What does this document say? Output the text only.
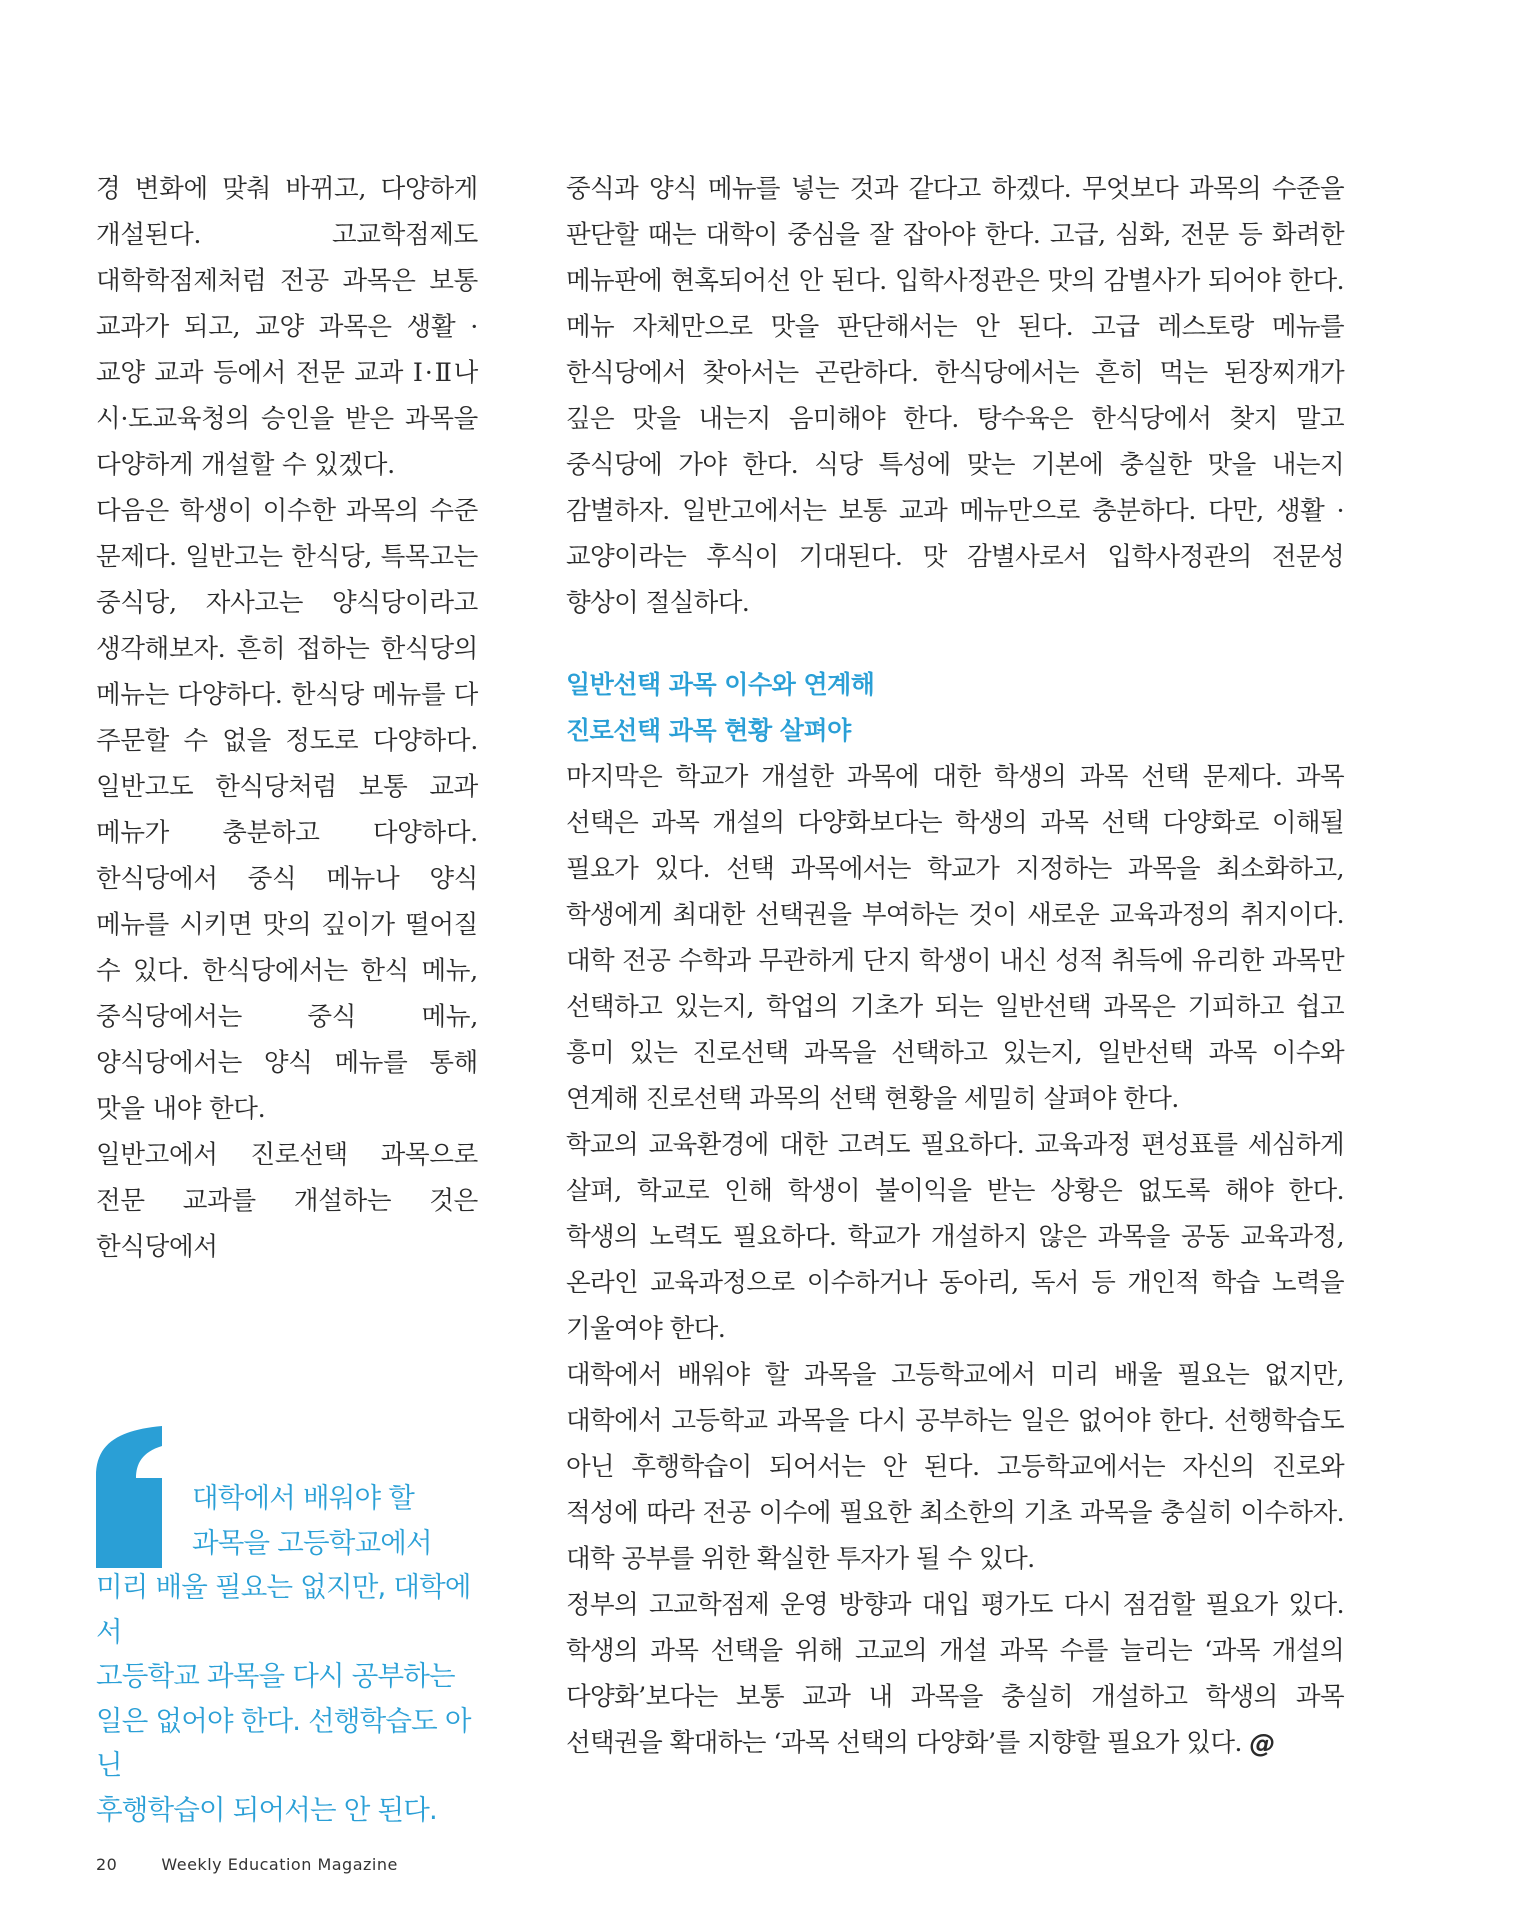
경 변화에 맞춰 바뀌고, 다양하게 개설된다. 고교학점제도 대학학점제처럼 전공 과목은 보통 교과가 되고, 교양 과목은 생활 · 교양 교과 등에서 전문 교과 Ⅰ·Ⅱ나 시·도교육청의 승인을 받은 과목을 다양하게 개설할 수 있겠다.

다음은 학생이 이수한 과목의 수준 문제다. 일반고는 한식당, 특목고는 중식당, 자사고는 양식당이라고 생각해보자. 흔히 접하는 한식당의 메뉴는 다양하다. 한식당 메뉴를 다 주문할 수 없을 정도로 다양하다. 일반고도 한식당처럼 보통 교과 메뉴가 충분하고 다양하다. 한식당에서 중식 메뉴나 양식 메뉴를 시키면 맛의 깊이가 떨어질 수 있다. 한식당에서는 한식 메뉴, 중식당에서는 중식 메뉴, 양식당에서는 양식 메뉴를 통해 맛을 내야 한다.

일반고에서 진로선택 과목으로 전문 교과를 개설하는 것은 한식당에서

중식과 양식 메뉴를 넣는 것과 같다고 하겠다. 무엇보다 과목의 수준을 판단할 때는 대학이 중심을 잘 잡아야 한다. 고급, 심화, 전문 등 화려한 메뉴판에 현혹되어선 안 된다. 입학사정관은 맛의 감별사가 되어야 한다. 메뉴 자체만으로 맛을 판단해서는 안 된다. 고급 레스토랑 메뉴를 한식당에서 찾아서는 곤란하다. 한식당에서는 흔히 먹는 된장찌개가 깊은 맛을 내는지 음미해야 한다. 탕수육은 한식당에서 찾지 말고 중식당에 가야 한다. 식당 특성에 맞는 기본에 충실한 맛을 내는지 감별하자. 일반고에서는 보통 교과 메뉴만으로 충분하다. 다만, 생활 · 교양이라는 후식이 기대된다. 맛 감별사로서 입학사정관의 전문성 향상이 절실하다.

일반선택 과목 이수와 연계해
진로선택 과목 현황 살펴야

마지막은 학교가 개설한 과목에 대한 학생의 과목 선택 문제다. 과목 선택은 과목 개설의 다양화보다는 학생의 과목 선택 다양화로 이해될 필요가 있다. 선택 과목에서는 학교가 지정하는 과목을 최소화하고, 학생에게 최대한 선택권을 부여하는 것이 새로운 교육과정의 취지이다. 대학 전공 수학과 무관하게 단지 학생이 내신 성적 취득에 유리한 과목만 선택하고 있는지, 학업의 기초가 되는 일반선택 과목은 기피하고 쉽고 흥미 있는 진로선택 과목을 선택하고 있는지, 일반선택 과목 이수와 연계해 진로선택 과목의 선택 현황을 세밀히 살펴야 한다.

학교의 교육환경에 대한 고려도 필요하다. 교육과정 편성표를 세심하게 살펴, 학교로 인해 학생이 불이익을 받는 상황은 없도록 해야 한다. 학생의 노력도 필요하다. 학교가 개설하지 않은 과목을 공동 교육과정, 온라인 교육과정으로 이수하거나 동아리, 독서 등 개인적 학습 노력을 기울여야 한다.

대학에서 배워야 할 과목을 고등학교에서 미리 배울 필요는 없지만, 대학에서 고등학교 과목을 다시 공부하는 일은 없어야 한다. 선행학습도 아닌 후행학습이 되어서는 안 된다. 고등학교에서는 자신의 진로와 적성에 따라 전공 이수에 필요한 최소한의 기초 과목을 충실히 이수하자. 대학 공부를 위한 확실한 투자가 될 수 있다.

정부의 고교학점제 운영 방향과 대입 평가도 다시 점검할 필요가 있다. 학생의 과목 선택을 위해 고교의 개설 과목 수를 늘리는 ‘과목 개설의 다양화’보다는 보통 교과 내 과목을 충실히 개설하고 학생의 과목 선택권을 확대하는 ‘과목 선택의 다양화’를 지향할 필요가 있다. @

대학에서 배워야 할
과목을 고등학교에서
미리 배울 필요는 없지만, 대학에서
고등학교 과목을 다시 공부하는
일은 없어야 한다. 선행학습도 아닌
후행학습이 되어서는 안 된다.

20	Weekly Education Magazine
